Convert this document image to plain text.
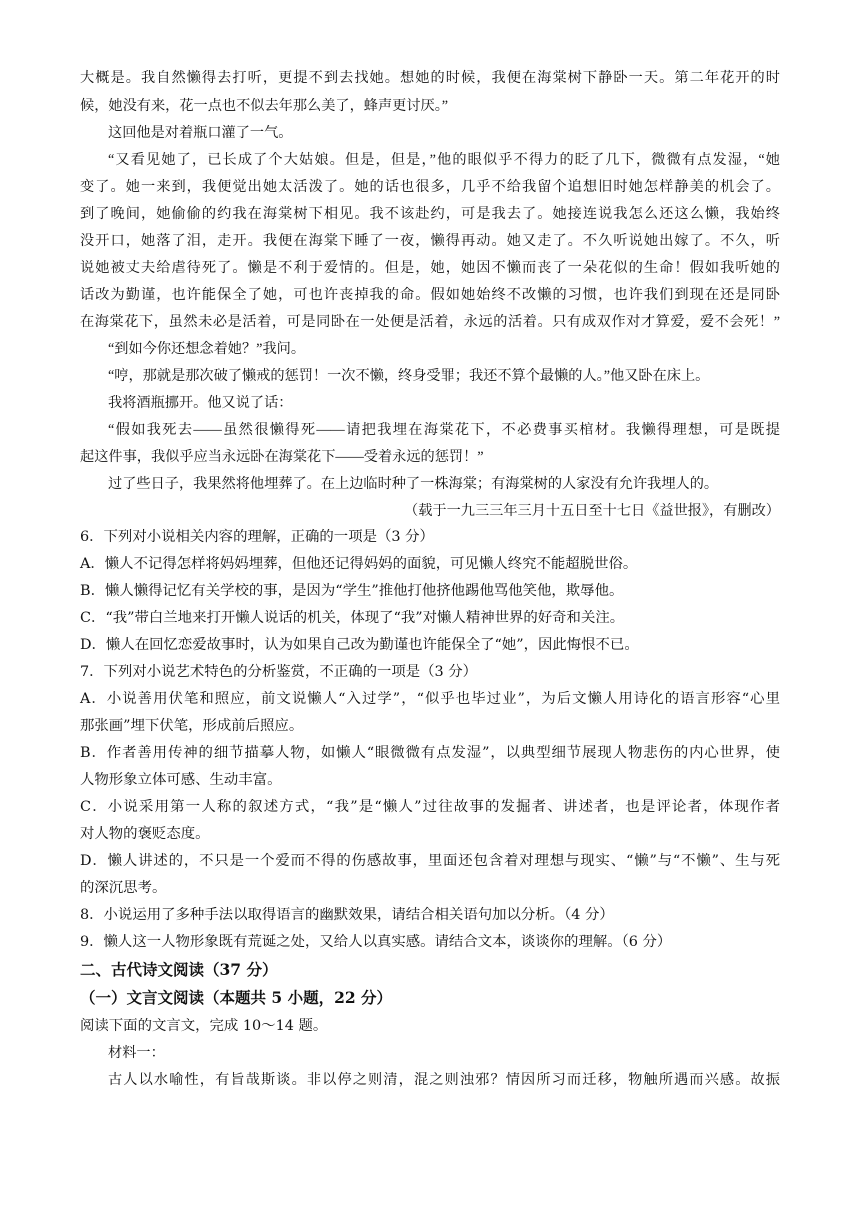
大概是。我自然懒得去打听，更提不到去找她。想她的时候，我便在海棠树下静卧一天。第二年花开的时
候，她没有来，花一点也不似去年那么美了，蜂声更讨厌。”
这回他是对着瓶口灌了一气。
“又看见她了，已长成了个大姑娘。但是，但是，”他的眼似乎不得力的眨了几下，微微有点发湿，“她
变了。她一来到，我便觉出她太活泼了。她的话也很多，几乎不给我留个追想旧时她怎样静美的机会了。
到了晚间，她偷偷的约我在海棠树下相见。我不该赴约，可是我去了。她接连说我怎么还这么懒，我始终
没开口，她落了泪，走开。我便在海棠下睡了一夜，懒得再动。她又走了。不久听说她出嫁了。不久，听
说她被丈夫给虐待死了。懒是不利于爱情的。但是，她，她因不懒而丧了一朵花似的生命！假如我听她的
话改为勤谨，也许能保全了她，可也许丧掉我的命。假如她始终不改懒的习惯，也许我们到现在还是同卧
在海棠花下，虽然未必是活着，可是同卧在一处便是活着，永远的活着。只有成双作对才算爱，爱不会死！”
“到如今你还想念着她？”我问。
“哼，那就是那次破了懒戒的惩罚！一次不懒，终身受罪；我还不算个最懒的人。”他又卧在床上。
我将酒瓶挪开。他又说了话：
“假如我死去——虽然很懒得死——请把我埋在海棠花下，不必费事买棺材。我懒得理想，可是既提
起这件事，我似乎应当永远卧在海棠花下——受着永远的惩罚！”
过了些日子，我果然将他埋葬了。在上边临时种了一株海棠；有海棠树的人家没有允许我埋人的。
（载于一九三三年三月十五日至十七日《益世报》，有删改）
6．下列对小说相关内容的理解，正确的一项是（3 分）
A．懒人不记得怎样将妈妈埋葬，但他还记得妈妈的面貌，可见懒人终究不能超脱世俗。
B．懒人懒得记忆有关学校的事，是因为“学生”推他打他挤他踢他骂他笑他，欺辱他。
C．“我”带白兰地来打开懒人说话的机关，体现了“我”对懒人精神世界的好奇和关注。
D．懒人在回忆恋爱故事时，认为如果自己改为勤谨也许能保全了“她”，因此悔恨不已。
7．下列对小说艺术特色的分析鉴赏，不正确的一项是（3 分）
A．小说善用伏笔和照应，前文说懒人“入过学”，“似乎也毕过业”，为后文懒人用诗化的语言形容“心里
那张画”埋下伏笔，形成前后照应。
B．作者善用传神的细节描摹人物，如懒人“眼微微有点发湿”，以典型细节展现人物悲伤的内心世界，使
人物形象立体可感、生动丰富。
C．小说采用第一人称的叙述方式，“我”是“懒人”过往故事的发掘者、讲述者，也是评论者，体现作者
对人物的褒贬态度。
D．懒人讲述的，不只是一个爱而不得的伤感故事，里面还包含着对理想与现实、“懒”与“不懒”、生与死
的深沉思考。
8．小说运用了多种手法以取得语言的幽默效果，请结合相关语句加以分析。（4 分）
9．懒人这一人物形象既有荒诞之处，又给人以真实感。请结合文本，谈谈你的理解。（6 分）
二、古代诗文阅读（37 分）
（一）文言文阅读（本题共 5 小题，22 分）
阅读下面的文言文，完成 10～14 题。
材料一：
古人以水喻性，有旨哉斯谈。非以停之则清，混之则浊邪？情因所习而迁移，物触所遇而兴感。故振
